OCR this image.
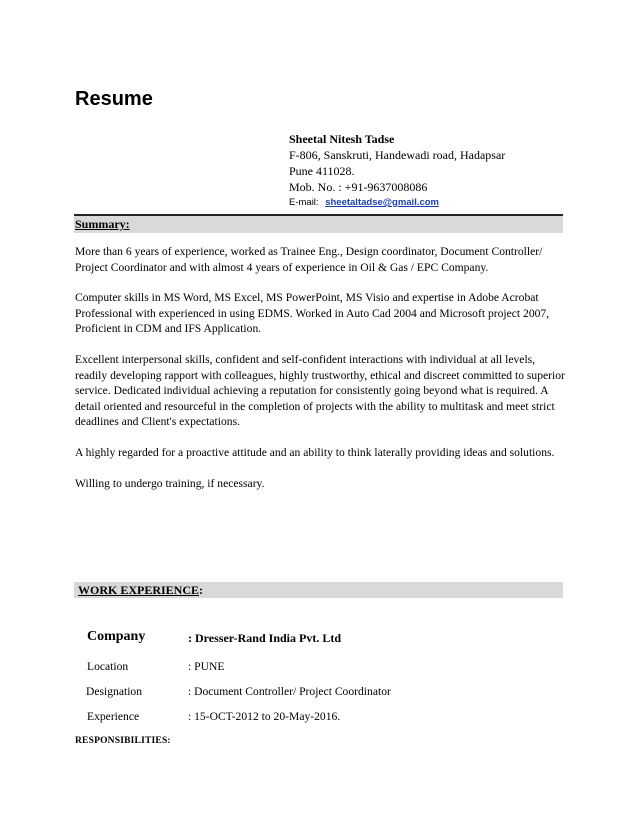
Resume
Sheetal Nitesh Tadse
F-806, Sanskruti, Handewadi road, Hadapsar
Pune 411028.
Mob. No. : +91-9637008086
E-mail: sheetaltadse@gmail.com
Summary:

More than 6 years of experience, worked as Trainee Eng., Design coordinator, Document Controller/ Project Coordinator and with almost 4 years of experience in Oil & Gas / EPC Company.

Computer skills in MS Word, MS Excel, MS PowerPoint, MS Visio and expertise in Adobe Acrobat Professional with experienced in using EDMS. Worked in Auto Cad 2004 and Microsoft project 2007, Proficient in CDM and IFS Application.

Excellent interpersonal skills, confident and self-confident interactions with individual at all levels, readily developing rapport with colleagues, highly trustworthy, ethical and discreet committed to superior service. Dedicated individual achieving a reputation for consistently going beyond what is required. A detail oriented and resourceful in the completion of projects with the ability to multitask and meet strict deadlines and Client's expectations.

A highly regarded for a proactive attitude and an ability to think laterally providing ideas and solutions.

Willing to undergo training, if necessary.

WORK EXPERIENCE:
Company	: Dresser-Rand India Pvt. Ltd
Location	: PUNE
Designation	: Document Controller/ Project Coordinator
Experience	: 15-OCT-2012 to 20-May-2016.
RESPONSIBILITIES:
